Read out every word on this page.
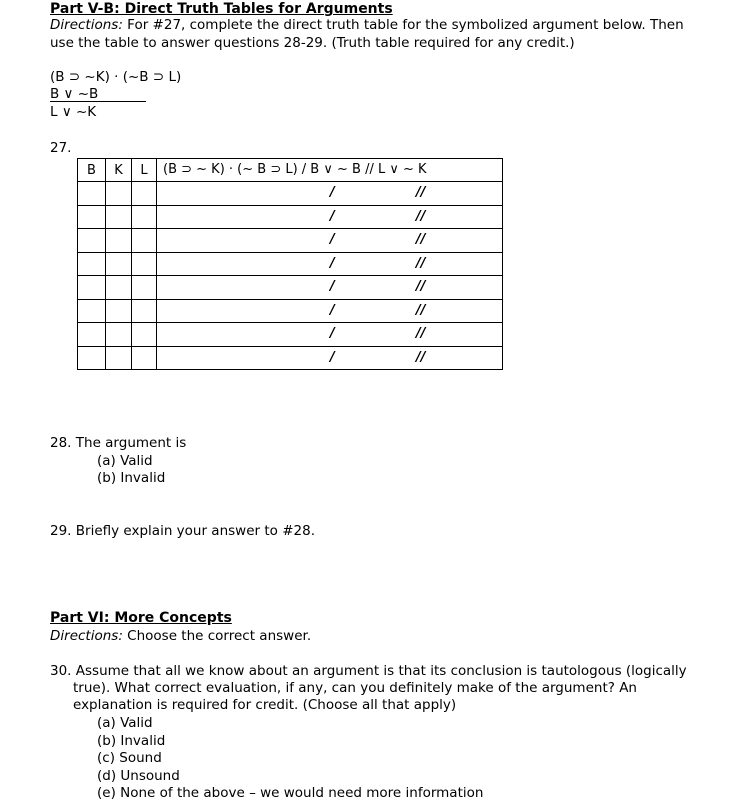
Part V-B: Direct Truth Tables for Arguments
Directions: For #27, complete the direct truth table for the symbolized argument below. Then
use the table to answer questions 28-29. (Truth table required for any credit.)
(B ⊃ ~K) · (~B ⊃ L)
B ∨ ~B
L ∨ ~K
27.
B	K	L	(B ⊃ ~ K) · (~ B ⊃ L) / B ∨ ~ B // L ∨ ~ K

			/ //

			/ //

			/ //

			/ //

			/ //

			/ //

			/ //

			/ //
28. The argument is
(a) Valid
(b) Invalid
29. Briefly explain your answer to #28.
Part VI: More Concepts
Directions: Choose the correct answer.
30. Assume that all we know about an argument is that its conclusion is tautologous (logically
true). What correct evaluation, if any, can you definitely make of the argument? An
explanation is required for credit. (Choose all that apply)
(a) Valid
(b) Invalid
(c) Sound
(d) Unsound
(e) None of the above – we would need more information
